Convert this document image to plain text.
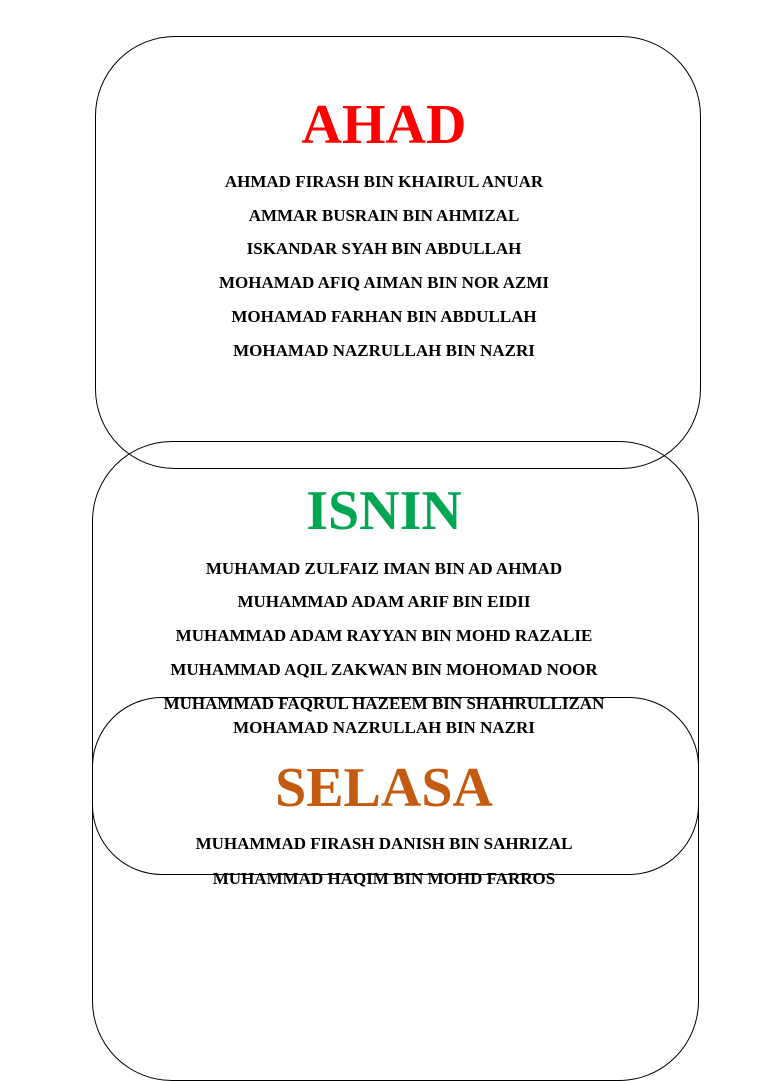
AHAD

AHMAD FIRASH BIN KHAIRUL ANUAR

AMMAR BUSRAIN BIN AHMIZAL

ISKANDAR SYAH BIN ABDULLAH

MOHAMAD AFIQ AIMAN BIN NOR AZMI

MOHAMAD FARHAN BIN ABDULLAH

MOHAMAD NAZRULLAH BIN NAZRI

ISNIN

MUHAMAD ZULFAIZ IMAN BIN AD AHMAD

MUHAMMAD ADAM ARIF BIN EIDII

MUHAMMAD ADAM RAYYAN BIN MOHD RAZALIE

MUHAMMAD AQIL ZAKWAN BIN MOHOMAD NOOR

MUHAMMAD FAQRUL HAZEEM BIN SHAHRULLIZAN

MOHAMAD NAZRULLAH BIN NAZRI

SELASA

MUHAMMAD FIRASH DANISH BIN SAHRIZAL

MUHAMMAD HAQIM BIN MOHD FARROS
